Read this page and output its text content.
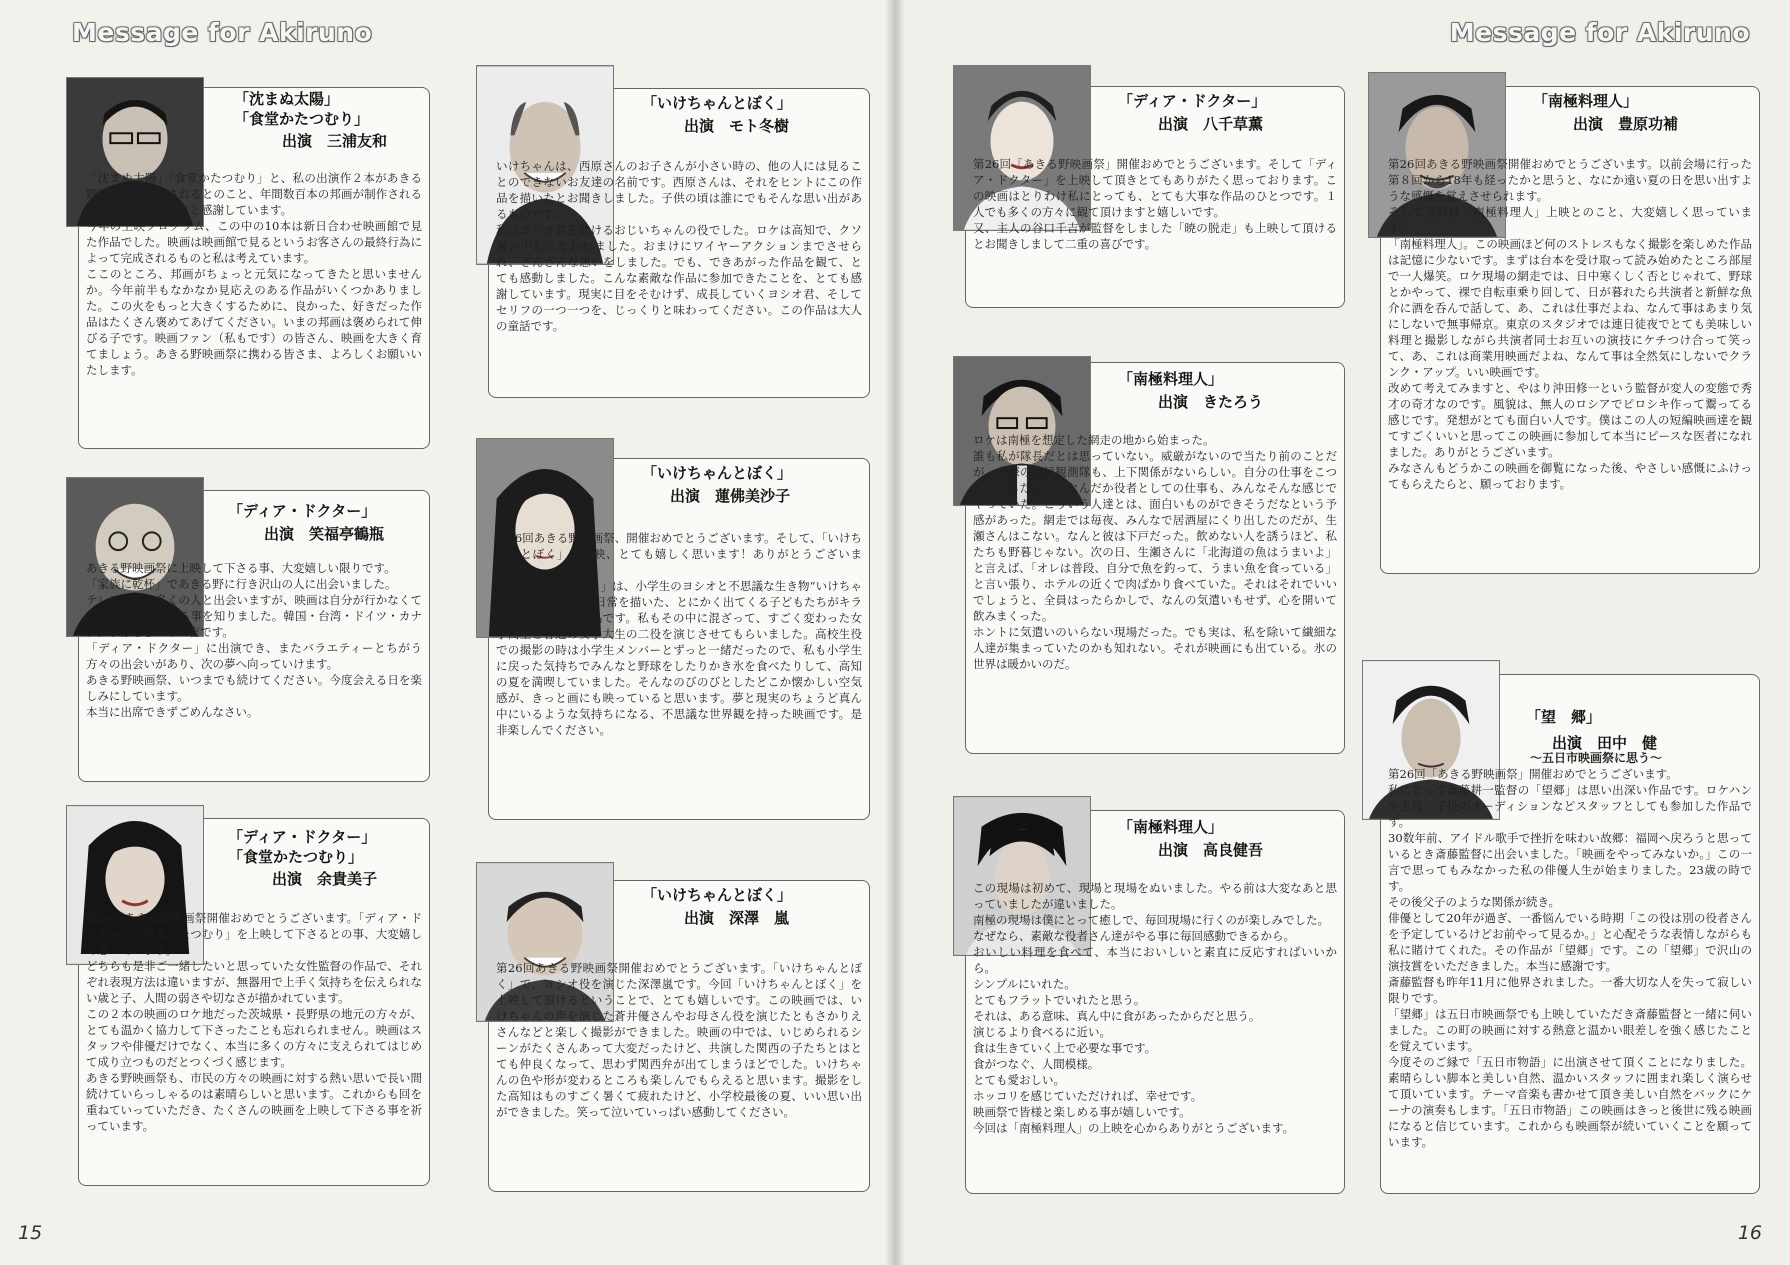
Message for Akiruno	Message for Akiruno
「沈まぬ太陽」
「食堂かたつむり」
出演　三浦友和
「沈まぬ太陽」「食堂かたつむり」と、私の出演作２本があきる野映画祭で上映されるとのこと、年間数百本の邦画が制作される中、大変光栄なことと感謝しています。
今年の上映プログラム、この中の10本は新日合わせ映画館で見た作品でした。映画は映画館で見るというお客さんの最終行為によって完成されるものと私は考えています。
ここのところ、邦画がちょっと元気になってきたと思いませんか。今年前半もなかなか見応えのある作品がいくつかありました。この火をもっと大きくするために、良かった、好きだった作品はたくさん褒めてあげてください。いまの邦画は褒められて伸びる子です。映画ファン（私もです）の皆さん、映画を大きく育てましょう。あきる野映画祭に携わる皆さま、よろしくお願いいたします。
「ディア・ドクター」
出演　笑福亭鶴瓶
あきる野映画祭に上映して下さる事、大変嬉しい限りです。
「家族に乾杯」であきる野に行き沢山の人に出会いました。
テレビ番組も多くの人と出会いますが、映画は自分が行かなくても世界を飛びまわる事を知りました。韓国・台湾・ドイツ・カナダ、すばらしいの一言です。
「ディア・ドクター」に出演でき、またバラエティーとちがう方々の出会いがあり、次の夢へ向っていけます。
あきる野映画祭、いつまでも続けてください。今度会える日を楽しみにしています。
本当に出席できずごめんなさい。
「ディア・ドクター」
「食堂かたつむり」
出演　余貴美子
第26回あきる野映画祭開催おめでとうございます。「ディア・ドクター」・「食堂かたつむり」を上映して下さるとの事、大変嬉しく思っています。
どちらも是非ご一緒したいと思っていた女性監督の作品で、それぞれ表現方法は違いますが、無器用で上手く気持ちを伝えられない歳と子、人間の弱さや切なさが描かれています。
この２本の映画のロケ地だった茨城県・長野県の地元の方々が、とても温かく協力して下さったことも忘れられません。映画はスタッフや俳優だけでなく、本当に多くの方々に支えられてはじめて成り立つものだとつくづく感じます。
あきる野映画祭も、市民の方々の映画に対する熱い思いで長い間続けていらっしゃるのは素晴らしいと思います。これからも回を重ねていっていただき、たくさんの映画を上映して下さる事を祈っています。
「いけちゃんとぼく」
出演　モト冬樹
いけちゃんは、西原さんのお子さんが小さい時の、他の人には見ることのできないお友達の名前です。西原さんは、それをヒントにこの作品を描いたとお聞きしました。子供の頃は誰にでもそんな思い出があるものです。
私はヨシオ君を助けるおじいちゃんの役でした。ロケは高知で、クソ暑い中おこなわれました。おまけにワイヤーアクションまでさせられ、さんざんな思いをしました。でも、できあがった作品を観て、とても感動しました。こんな素敵な作品に参加できたことを、とても感謝しています。現実に目をそむけず、成長していくヨシオ君、そしてセリフの一つ一つを、じっくりと味わってください。この作品は大人の童話です。
「いけちゃんとぼく」
出演　蓮佛美沙子
第26回あきる野映画祭、開催おめでとうございます。そして、「いけちゃんとぼく」の上映、とても嬉しく思います！ありがとうございます。
「いけちゃんとぼく」は、小学生のヨシオと不思議な生き物“いけちゃん”を中心に様々な日常を描いた、とにかく出てくる子どもたちがキラキラ輝いている作品です。私もその中に混ざって、すごく変わった女子高生と普通の女子大生の二役を演じさせてもらいました。高校生役での撮影の時は小学生メンバーとずっと一緒だったので、私も小学生に戻った気持ちでみんなと野球をしたりかき氷を食べたりして、高知の夏を満喫していました。そんなのびのびとしたどこか懐かしい空気感が、きっと画にも映っていると思います。夢と現実のちょうど真ん中にいるような気持ちになる、不思議な世界観を持った映画です。是非楽しんでください。
「いけちゃんとぼく」
出演　深澤　嵐
第26回あきる野映画祭開催おめでとうございます。「いけちゃんとぼく」で、ヨシオ役を演じた深澤嵐です。今回「いけちゃんとぼく」を上映して頂けるということで、とても嬉しいです。この映画では、いけちゃんの声を演じた蒼井優さんやお母さん役を演じたともさかりえさんなどと楽しく撮影ができました。映画の中では、いじめられるシーンがたくさんあって大変だったけど、共演した関西の子たちとはとても仲良くなって、思わず関西弁が出てしまうほどでした。いけちゃんの色や形が変わるところも楽しんでもらえると思います。撮影をした高知はものすごく暑くて疲れたけど、小学校最後の夏、いい思い出ができました。笑って泣いていっぱい感動してください。
「ディア・ドクター」
出演　八千草薫
第26回「あきる野映画祭」開催おめでとうございます。そして「ディア・ドクター」を上映して頂きとてもありがたく思っております。この映画はとりわけ私にとっても、とても大事な作品のひとつです。１人でも多くの方々に観て頂けますと嬉しいです。
又、主人の谷口千吉が監督をしました「暁の脱走」も上映して頂けるとお聞きしまして二重の喜びです。
「南極料理人」
出演　きたろう
ロケは南極を想定した網走の地から始まった。
誰も私が隊長だとは思っていない。威厳がないので当たり前のことだが、実際の南極観測隊も、上下関係がないらしい。自分の仕事をこつこつやるだけだ。なんだか役者としての仕事も、みんなそんな感じでやっていた。こういう人達とは、面白いものができそうだなという予感があった。網走では毎夜、みんなで居酒屋にくり出したのだが、生瀬さんはこない。なんと彼は下戸だった。飲めない人を誘うほど、私たちも野暮じゃない。次の日、生瀬さんに「北海道の魚はうまいよ」と言えば、「オレは普段、自分で魚を釣って、うまい魚を食っている」と言い張り、ホテルの近くで肉ばかり食べていた。それはそれでいいでしょうと、全員はったらかしで、なんの気遣いもせず、心を開いて飲みまくった。
ホントに気遣いのいらない現場だった。でも実は、私を除いて繊細な人達が集まっていたのかも知れない。それが映画にも出ている。氷の世界は暖かいのだ。
「南極料理人」
出演　高良健吾
この現場は初めて、現場と現場をぬいました。やる前は大変なあと思っていましたが違いました。
南極の現場は僕にとって癒しで、毎回現場に行くのが楽しみでした。
なぜなら、素敵な役者さん達がやる事に毎回感動できるから。
おいしい料理を食べて、本当においしいと素直に反応すればいいから。
シンプルにいれた。
とてもフラットでいれたと思う。
それは、ある意味、真ん中に食があったからだと思う。
演じるより食べるに近い。
食は生きていく上で必要な事です。
食がつなぐ、人間模様。
とても愛おしい。
ホッコリを感じていただければ、幸せです。
映画祭で皆様と楽しめる事が嬉しいです。
今回は「南極料理人」の上映を心からありがとうございます。
「南極料理人」
出演　豊原功補
第26回あきる野映画祭開催おめでとうございます。以前会場に行った第８回から18年も経ったかと思うと、なにか遠い夏の日を思い出すような感慨を覚えさせられます。
そして今回は「南極料理人」上映とのこと、大変嬉しく思っています。
「南極料理人」。この映画ほど何のストレスもなく撮影を楽しめた作品は記憶に少ないです。まずは台本を受け取って読み始めたところ部屋で一人爆笑。ロケ現場の網走では、日中寒くしく否とじゃれて、野球とかやって、裸で自転車乗り回して、日が暮れたら共演者と新鮮な魚介に酒を呑んで話して、あ、これは仕事だよね、なんて事はあまり気にしないで無事帰京。東京のスタジオでは連日徒夜でとても美味しい料理と撮影しながら共演者同士お互いの演技にケチつけ合って笑って、あ、これは商業用映画だよね、なんて事は全然気にしないでクランク・アップ。いい映画です。
改めて考えてみますと、やはり沖田修一という監督が変人の変態で秀才の奇才なのです。風貌は、無人のロシアでピロシキ作って鬻ってる感じです。発想がとても面白い人です。僕はこの人の短編映画達を観てすごくいいと思ってこの映画に参加して本当にピースな医者になれました。ありがとうございます。
みなさんもどうかこの映画を御覧になった後、やさしい感慨にふけってもらえたらと、願っております。
「望　郷」
出演　田中　健

〜五日市映画祭に思う〜
第26回「あきる野映画祭」開催おめでとうございます。
私にとって斎藤耕一監督の「望郷」は思い出深い作品です。ロケハンや主役・子役のオーディションなどスタッフとしても参加した作品です。
30数年前、アイドル歌手で挫折を味わい故郷：福岡へ戻ろうと思っているとき斎藤監督に出会いました。「映画をやってみないか。」この一言で思ってもみなかった私の俳優人生が始まりました。23歳の時です。
その後父子のような関係が続き。
俳優として20年が過ぎ、一番悩んでいる時期「この役は別の役者さんを予定しているけどお前やって見るか。」と心配そうな表情しながらも私に賭けてくれた。その作品が「望郷」です。この「望郷」で沢山の演技賞をいただきました。本当に感謝です。
斎藤監督も昨年11月に他界されました。一番大切な人を失って寂しい限りです。
「望郷」は五日市映画祭でも上映していただき斎藤監督と一緒に伺いました。この町の映画に対する熱意と温かい眼差しを強く感じたことを覚えています。
今度そのご縁で「五日市物語」に出演させて頂くことになりました。素晴らしい脚本と美しい自然、温かいスタッフに囲まれ楽しく演らせて頂いています。テーマ音楽も書かせて頂き美しい自然をバックにケーナの演奏もします。「五日市物語」この映画はきっと後世に残る映画になると信じています。これからも映画祭が続いていくことを願っています。

15	16
